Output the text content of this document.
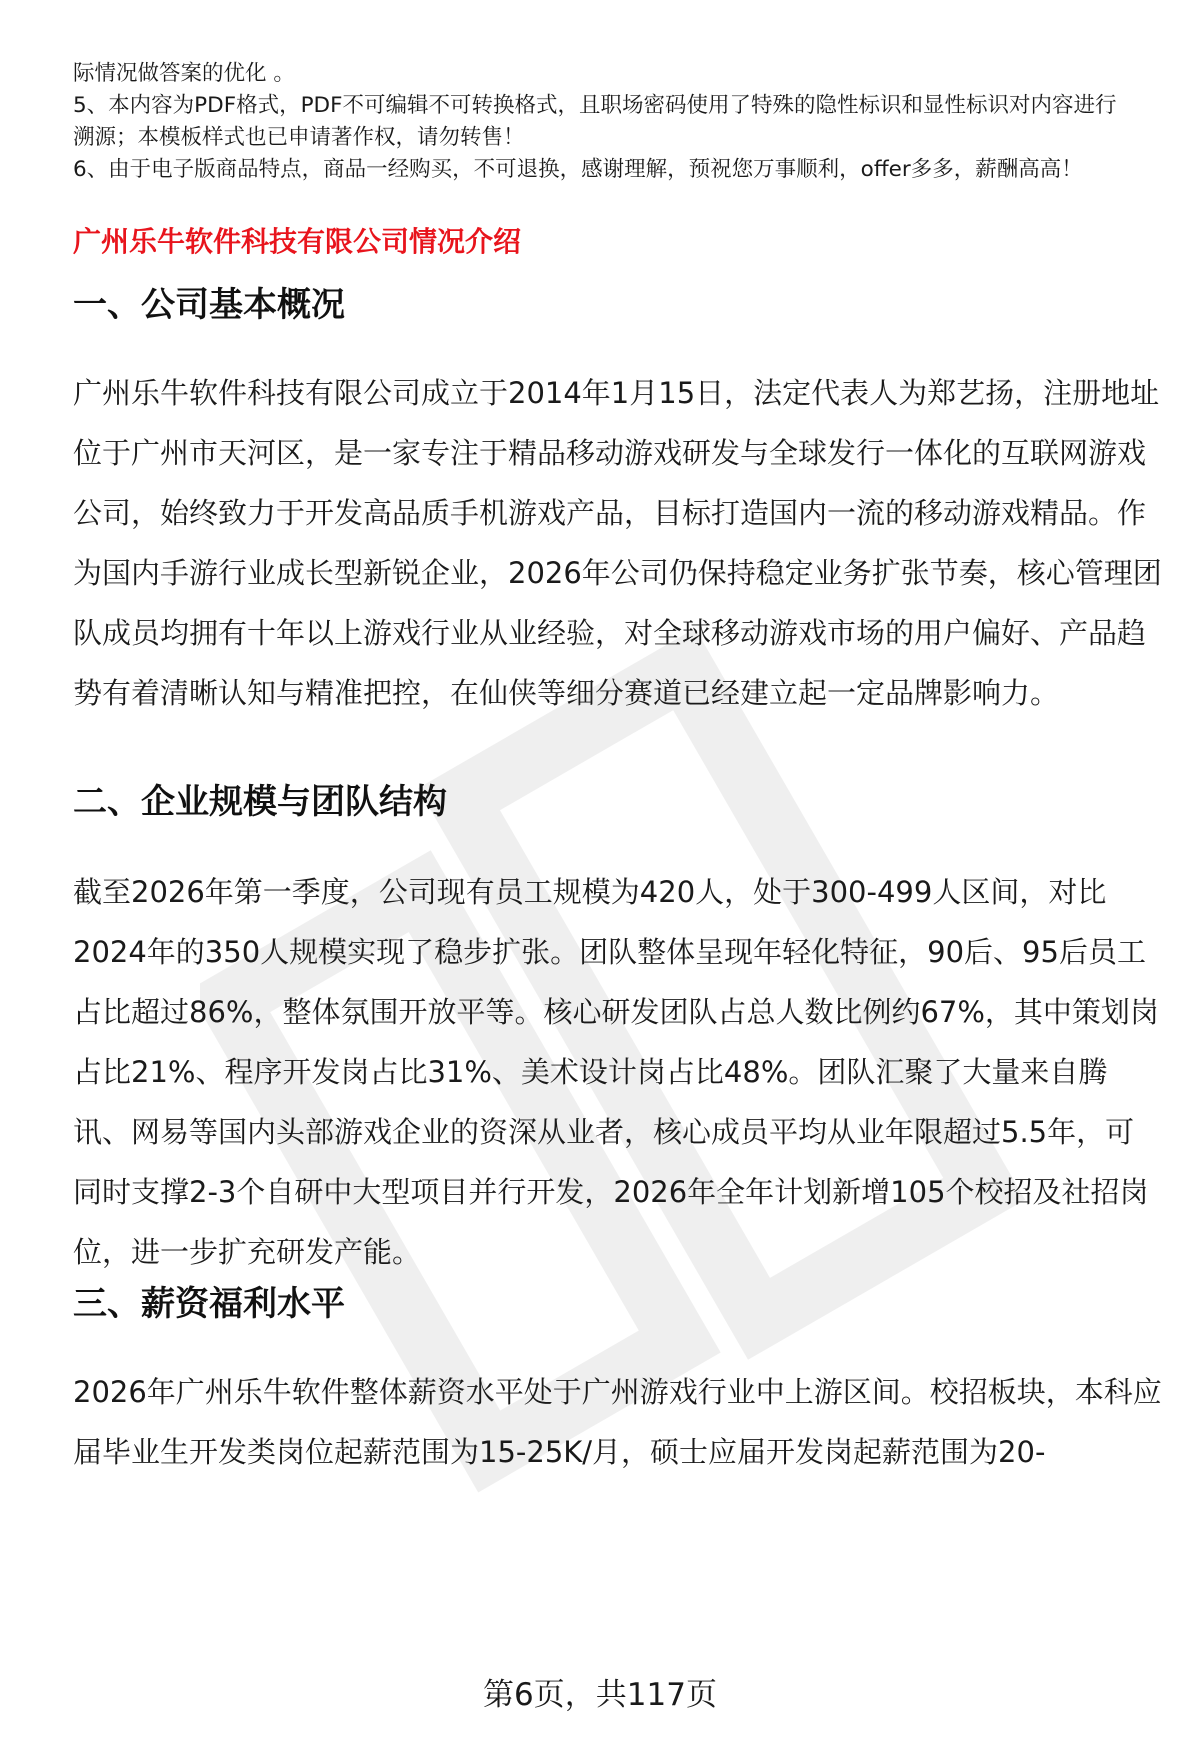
际情况做答案的优化 。

5、本内容为PDF格式，PDF不可编辑不可转换格式，且职场密码使用了特殊的隐性标识和显性标识对内容进行

溯源；本模板样式也已申请著作权，请勿转售！

6、由于电子版商品特点，商品一经购买，不可退换，感谢理解，预祝您万事顺利，offer多多，薪酬高高！

广州乐牛软件科技有限公司情况介绍
一、公司基本概况

广州乐牛软件科技有限公司成立于2014年1月15日，法定代表人为郑艺扬，注册地址位于广州市天河区，是一家专注于精品移动游戏研发与全球发行一体化的互联网游戏公司，始终致力于开发高品质手机游戏产品，目标打造国内一流的移动游戏精品。作为国内手游行业成长型新锐企业，2026年公司仍保持稳定业务扩张节奏，核心管理团队成员均拥有十年以上游戏行业从业经验，对全球移动游戏市场的用户偏好、产品趋势有着清晰认知与精准把控，在仙侠等细分赛道已经建立起一定品牌影响力。

二、企业规模与团队结构

截至2026年第一季度，公司现有员工规模为420人，处于300-499人区间，对比2024年的350人规模实现了稳步扩张。团队整体呈现年轻化特征，90后、95后员工占比超过86%，整体氛围开放平等。核心研发团队占总人数比例约67%，其中策划岗占比21%、程序开发岗占比31%、美术设计岗占比48%。团队汇聚了大量来自腾讯、网易等国内头部游戏企业的资深从业者，核心成员平均从业年限超过5.5年，可同时支撑2-3个自研中大型项目并行开发，2026年全年计划新增105个校招及社招岗位，进一步扩充研发产能。

三、薪资福利水平

2026年广州乐牛软件整体薪资水平处于广州游戏行业中上游区间。校招板块，本科应届毕业生开发类岗位起薪范围为15-25K/月，硕士应届开发岗起薪范围为20-

第6页，共117页
